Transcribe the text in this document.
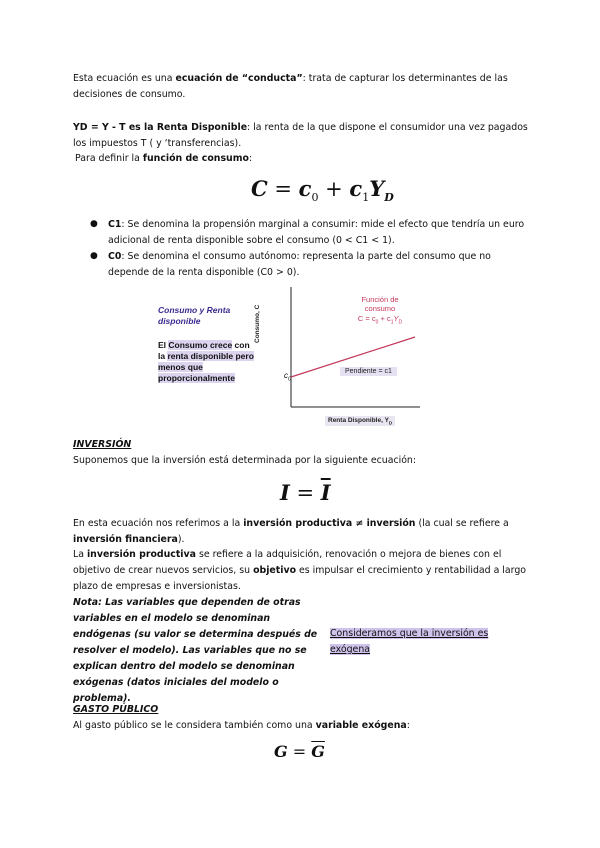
Esta ecuación es una ecuación de “conducta”: trata de capturar los determinantes de las decisiones de consumo.

YD = Y - T es la Renta Disponible: la renta de la que dispone el consumidor una vez pagados los impuestos T ( y ‘transferencias).

Para definir la función de consumo:

$C = c_0 + c_1Y_D$
● C1: Se denomina la propensión marginal a consumir: mide el efecto que tendría un euro adicional de renta disponible sobre el consumo (0 < C1 < 1).

● C0: Se denomina el consumo autónomo: representa la parte del consumo que no depende de la renta disponible (C0 > 0).

Consumo y Renta
disponible
El Consumo crece con
la renta disponible pero
menos que
proporcionalmente
Consumo, C
$c_0$
Función de
consumo
$C = c_0 + c_1Y_D$
Pendiente = c1
Renta Disponible, $Y_D$

INVERSIÓN

Suponemos que la inversión está determinada por la siguiente ecuación:

$I = \overline{I}$

En esta ecuación nos referimos a la inversión productiva ≠ inversión (la cual se refiere a inversión financiera).

La inversión productiva se refiere a la adquisición, renovación o mejora de bienes con el objetivo de crear nuevos servicios, su objetivo es impulsar el crecimiento y rentabilidad a largo plazo de empresas e inversionistas.

Nota: Las variables que dependen de otras variables en el modelo se denominan endógenas (su valor se determina después de resolver el modelo). Las variables que no se explican dentro del modelo se denominan exógenas (datos iniciales del modelo o problema).

Consideramos que la inversión es exógena

GASTO PÚBLICO

Al gasto público se le considera también como una variable exógena:

$G = \overline{G}$
